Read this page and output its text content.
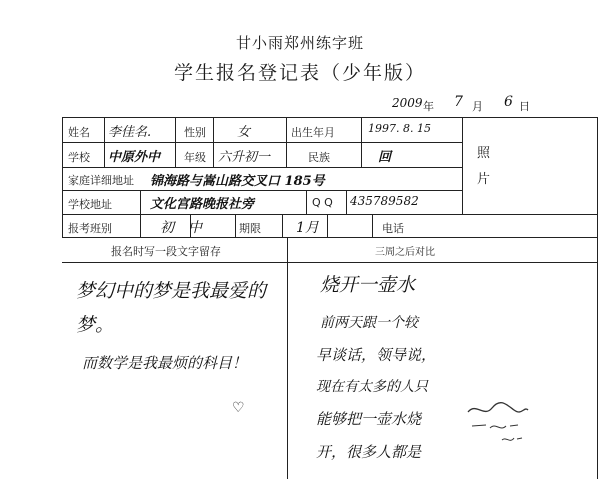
甘小雨郑州练字班
学生报名登记表（少年版）
2009 年 7 月 6 日
姓名 李佳名.	性别 女	出生年月	1997. 8. 15
学校 中原外中 年级 六升初一	民族	回
家庭详细地址 锦海路与嵩山路交叉口 185号
学校地址	文化宫路晚报社旁	Q Q 435789582
照
片
报考班别	初　中	期限	1月	电话
报名时写一段文字留存	三周之后对比
梦幻中的梦是我最爱的
梦。
而数学是我最烦的科目！
♡
烧开一壶水
前两天跟一个较
早谈话，领导说，
现在有太多的人只
能够把一壶水烧
开，很多人都是
